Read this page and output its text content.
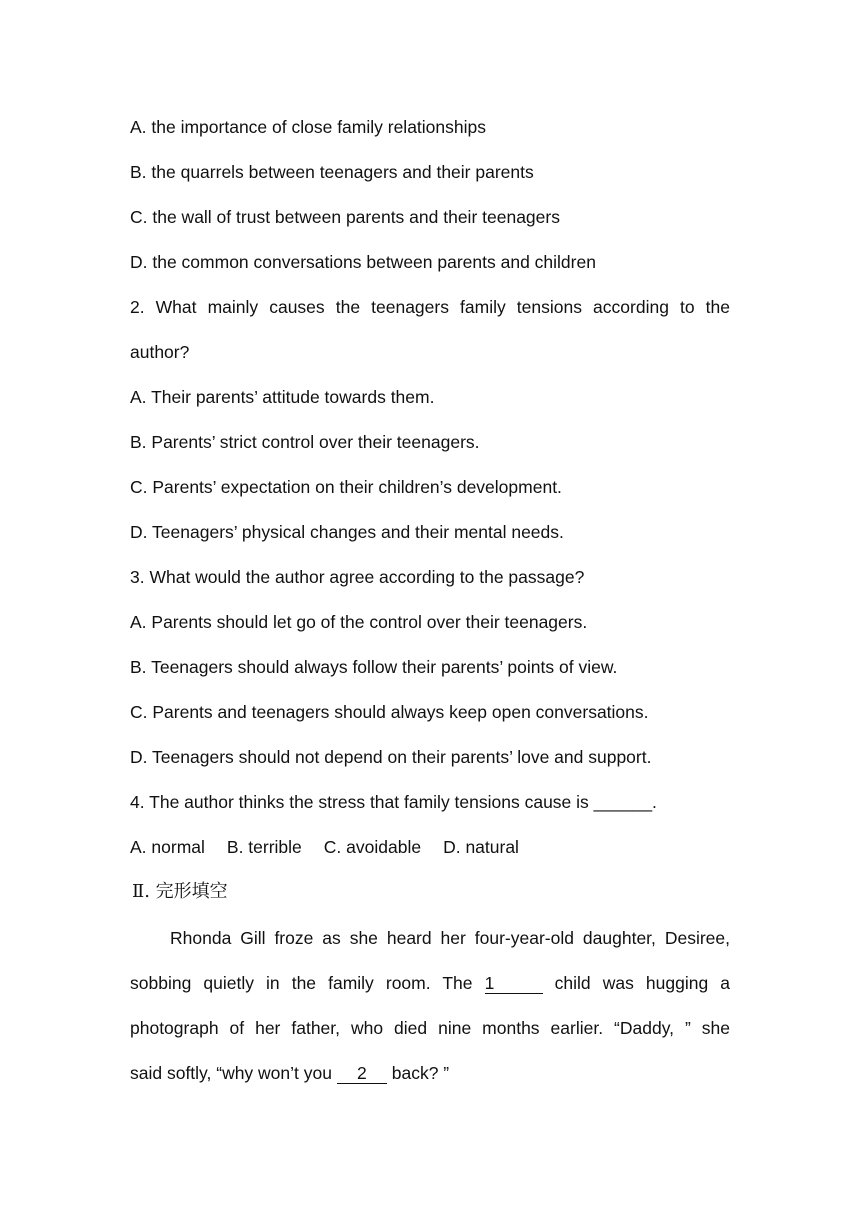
A. the importance of close family relationships
B. the quarrels between teenagers and their parents
C. the wall of trust between parents and their teenagers
D. the common conversations between parents and children
2. What mainly causes the teenagers family tensions according to the
author?
A. Their parents’ attitude towards them.
B. Parents’ strict control over their teenagers.
C. Parents’ expectation on their children’s development.
D. Teenagers’ physical changes and their mental needs.
3. What would the author agree according to the passage?
A. Parents should let go of the control over their teenagers.
B. Teenagers should always follow their parents’ points of view.
C. Parents and teenagers should always keep open conversations.
D. Teenagers should not depend on their parents’ love and support.
4. The author thinks the stress that family tensions cause is ______.
A. normal B. terrible C. avoidable D. natural
Ⅱ. 完形填空
Rhonda Gill froze as she heard her four-year-old daughter, Desiree,
sobbing quietly in the family room. The 1	child was hugging a
photograph of her father, who died nine months earlier. “Daddy, ” she
said softly, “why won’t you 2 back? ”
